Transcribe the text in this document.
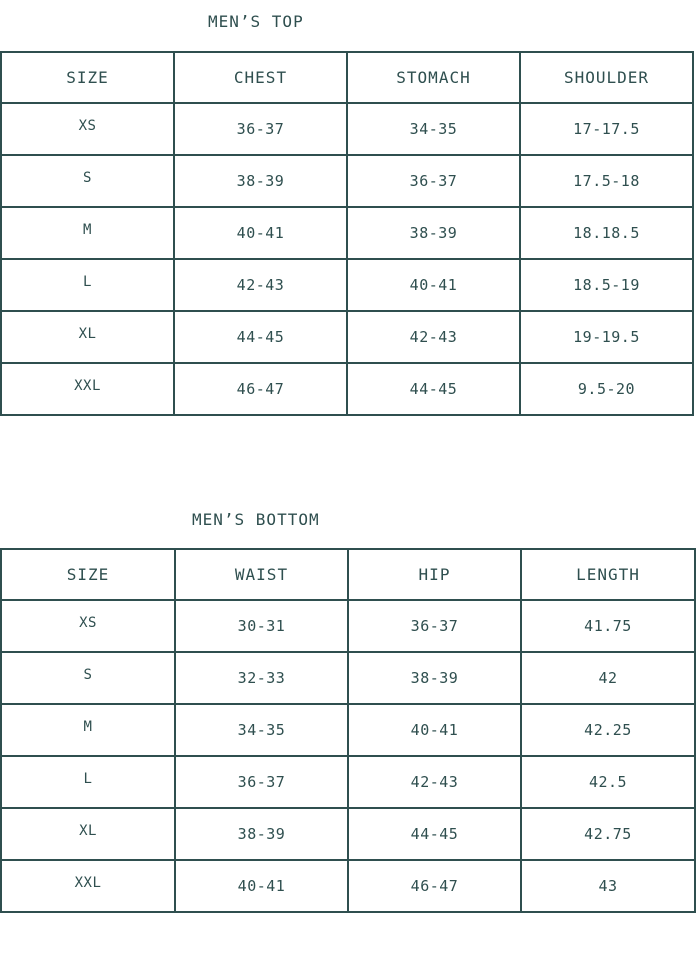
MEN’S TOP
SIZE	CHEST	STOMACH	SHOULDER
XS	36-37	34-35	17-17.5
S	38-39	36-37	17.5-18
M	40-41	38-39	18.18.5
L	42-43	40-41	18.5-19
XL	44-45	42-43	19-19.5
XXL	46-47	44-45	9.5-20
MEN’S BOTTOM
SIZE	WAIST	HIP	LENGTH
XS	30-31	36-37	41.75
S	32-33	38-39	42
M	34-35	40-41	42.25
L	36-37	42-43	42.5
XL	38-39	44-45	42.75
XXL	40-41	46-47	43
